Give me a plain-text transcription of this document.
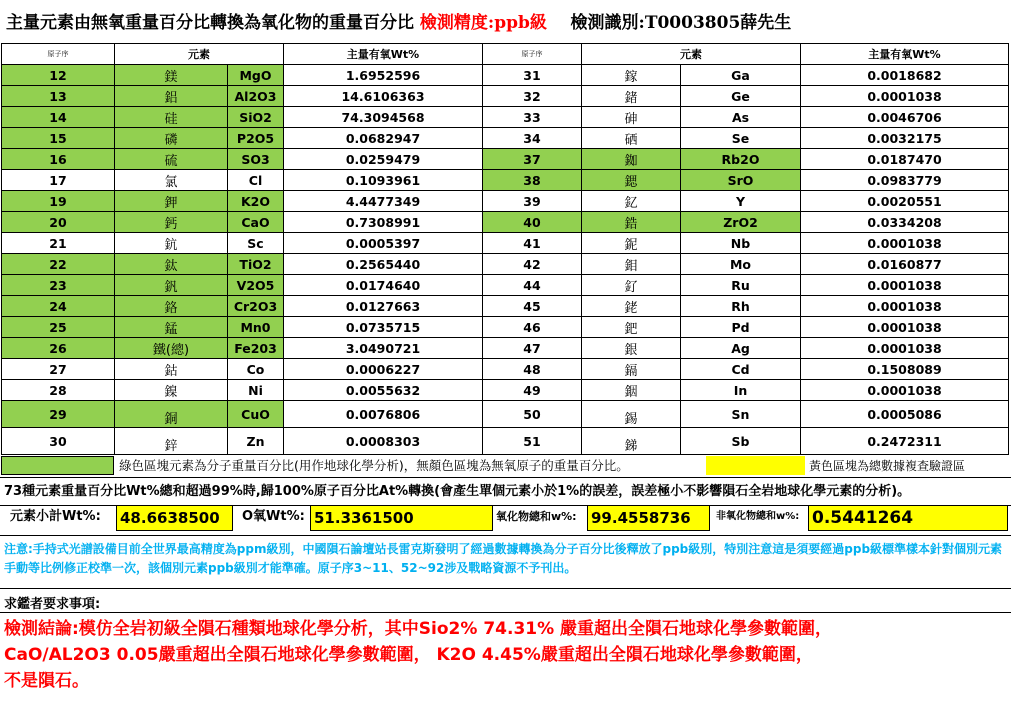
主量元素由無氧重量百分比轉換為氧化物的重量百分比 檢測精度:ppb級 檢測識別:T0003805薛先生
原子序	元素		主量有氧Wt%	原子序	元素		主量有氧Wt%
12	鎂	MgO	1.6952596	31	鎵	Ga	0.0018682
13	鋁	Al2O3	14.6106363	32	鍺	Ge	0.0001038
14	硅	SiO2	74.3094568	33	砷	As	0.0046706
15	磷	P2O5	0.0682947	34	硒	Se	0.0032175
16	硫	SO3	0.0259479	37	銣	Rb2O	0.0187470
17	氯	Cl	0.1093961	38	鍶	SrO	0.0983779
19	鉀	K2O	4.4477349	39	釔	Y	0.0020551
20	鈣	CaO	0.7308991	40	鋯	ZrO2	0.0334208
21	鈧	Sc	0.0005397	41	鈮	Nb	0.0001038
22	鈦	TiO2	0.2565440	42	鉬	Mo	0.0160877
23	釩	V2O5	0.0174640	44	釕	Ru	0.0001038
24	鉻	Cr2O3	0.0127663	45	銠	Rh	0.0001038
25	錳	Mn0	0.0735715	46	鈀	Pd	0.0001038
26	鐵(總)	Fe203	3.0490721	47	銀	Ag	0.0001038
27	鈷	Co	0.0006227	48	鎘	Cd	0.1508089
28	鎳	Ni	0.0055632	49	銦	In	0.0001038
29	銅	CuO	0.0076806	50	錫	Sn	0.0005086
30	鋅	Zn	0.0008303	51	銻	Sb	0.2472311
綠色區塊元素為分子重量百分比(用作地球化學分析)，無顏色區塊為無氧原子的重量百分比。	黃色區塊為總數據複查驗證區
73種元素重量百分比Wt%總和超過99%時,歸100%原子百分比At%轉換(會產生單個元素小於1%的誤差，誤差極小不影響隕石全岩地球化學元素的分析)。
元素小計Wt%: 48.6638500	O氧Wt%: 51.3361500	氧化物總和w%: 99.4558736	非氧化物總和w%: 0.5441264
注意:手持式光譜設備目前全世界最高精度為ppm級別，中國隕石論壇站長雷克斯發明了經過數據轉換為分子百分比後釋放了ppb級別，特別注意這是須要經過ppb級標準樣本針對個別元素手動等比例修正校準一次，該個別元素ppb級別才能準確。原子序3~11、52~92涉及戰略資源不予刊出。
求鑑者要求事項:
檢測結論:模仿全岩初級全隕石種類地球化學分析，其中Sio2% 74.31% 嚴重超出全隕石地球化學參數範圍，
CaO/AL2O3 0.05嚴重超出全隕石地球化學參數範圍， K2O 4.45%嚴重超出全隕石地球化學參數範圍，
不是隕石。
